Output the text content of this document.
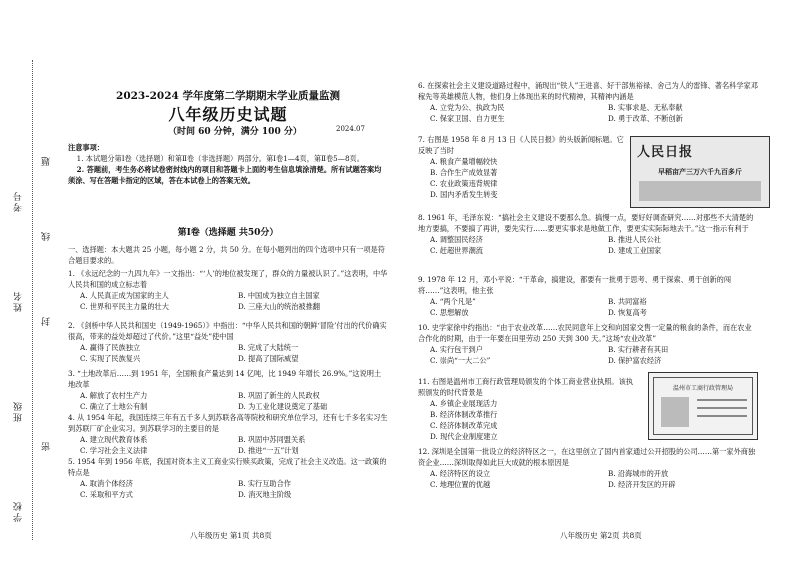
学校
班级
姓名
考号
密
封
线
题
2023-2024 学年度第二学期期末学业质量监测
八年级历史试题
（时间 60 分钟，满分 100 分）	2024.07
注意事项：
1. 本试题分第Ⅰ卷（选择题）和第Ⅱ卷（非选择题）两部分。第Ⅰ卷1—4页，第Ⅱ卷5—8页。
2. 答题前，考生务必将试卷密封线内的项目和答题卡上面的考生信息填涂清楚。所有试题答案均须涂、写在答题卡指定的区域，答在本试卷上的答案无效。
第Ⅰ卷（选择题 共50分）
一、选择题：本大题共 25 小题，每小题 2 分，共 50 分。在每小题列出的四个选项中只有一项是符合题目要求的。
1. 《永远纪念的一九四九年》一文指出：“‘人’的地位被发现了，群众的力量被认识了。”这表明，中华人民共和国的成立标志着
A. 人民真正成为国家的主人	B. 中国成为独立自主国家
C. 世界和平民主力量的壮大	D. 三座大山的统治被推翻
2. 《剑桥中华人民共和国史（1949-1965）》中指出：“中华人民共和国的朝鲜‘冒险’付出的代价确实很高，带来的益处却超过了代价。”这里“益处”使中国
A. 赢得了民族独立	B. 完成了大陆统一
C. 实现了民族复兴	D. 提高了国际威望
3. “土地改革后……到 1951 年，全国粮食产量达到 14 亿吨，比 1949 年增长 26.9%。”这说明土地改革
A. 解放了农村生产力	B. 巩固了新生的人民政权
C. 确立了土地公有制	D. 为工业化建设奠定了基础
4. 从 1954 年起，我国连续三年有五千多人到苏联各高等院校和研究单位学习，还有七千多名实习生到苏联厂矿企业实习。到苏联学习的主要目的是
A. 建立现代教育体系	B. 巩固中苏同盟关系
C. 学习社会主义法律	D. 推进“一五”计划
5. 1954 年到 1956 年底，我国对资本主义工商业实行赎买政策，完成了社会主义改造。这一政策的特点是
A. 取消个体经济	B. 实行互助合作
C. 采取和平方式	D. 消灭地主阶级
八年级历史 第1页 共8页
6. 在探索社会主义建设道路过程中，涌现出“铁人”王进喜、好干部焦裕禄、舍己为人的雷锋、著名科学家邓稼先等英雄模范人物，他们身上体现出来的时代精神，其精神内涵是
A. 立党为公、执政为民	B. 实事求是、无私奉献
C. 保家卫国、自力更生	D. 勇于改革、不断创新
7. 右图是 1958 年 8 月 13 日《人民日报》的头版新闻标题。它反映了当时
A. 粮食产量增幅较快
B. 合作生产成效显著
C. 农业政策违背规律
D. 国内矛盾发生转变
人民日报
早稻亩产三万六千九百多斤
8. 1961 年，毛泽东说：“搞社会主义建设不要那么急。搞慢一点，要好好调查研究……对那些不大清楚的地方要搞，不要搞了再讲，要先实行……要更实事求是地做工作，要更实实际际地去干。”这一指示有利于
A. 调整国民经济	B. 推进人民公社
C. 赶超世界潮流	D. 建成工业国家
9. 1978 年 12 月，邓小平说：“干革命，搞建设，都要有一批勇于思考、勇于探索、勇于创新的闯将……”这表明，他主张
A. “两个凡是”	B. 共同富裕
C. 思想解放	D. 恢复高考
10. 史学家徐中约指出：“由于农业改革……农民同意年上交和向国家交售一定量的粮食的条件，而在农业合作化的时期，由于一年要在田里劳动 250 天到 300 天。”这场“农业改革”
A. 实行包干到户	B. 实行耕者有其田
C. 崇尚“一大二公”	D. 保护富农经济
11. 右图是温州市工商行政管理局颁发的个体工商业营业执照。该执照颁发的时代背景是
A. 乡镇企业展现活力
B. 经济体制改革推行
C. 经济体制改革完成
D. 现代企业制度建立
温州市工商行政管理局
12. 深圳是全国第一批设立的经济特区之一，在这里创立了国内首家通过公开招股的公司……第一家外商独资企业……深圳取得如此巨大成就的根本原因是
A. 经济特区的设立	B. 沿海城市的开放
C. 地理位置的优越	D. 经济开发区的开辟
八年级历史 第2页 共8页
